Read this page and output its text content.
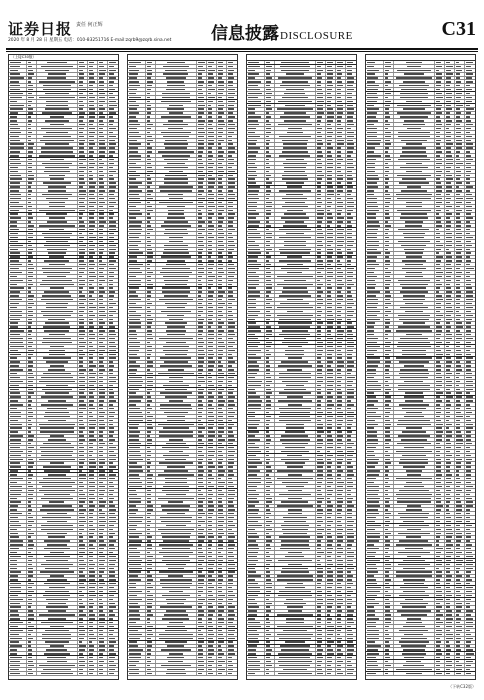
证券日报 责任 何正辉
2020 年 8 月 28 日 星期五 电话：010-83251716 E-mail:zqrb9@zqrb.sina.net 信息披露DISCLOSURE	C31
（上接C30版）
（下转C32版）
